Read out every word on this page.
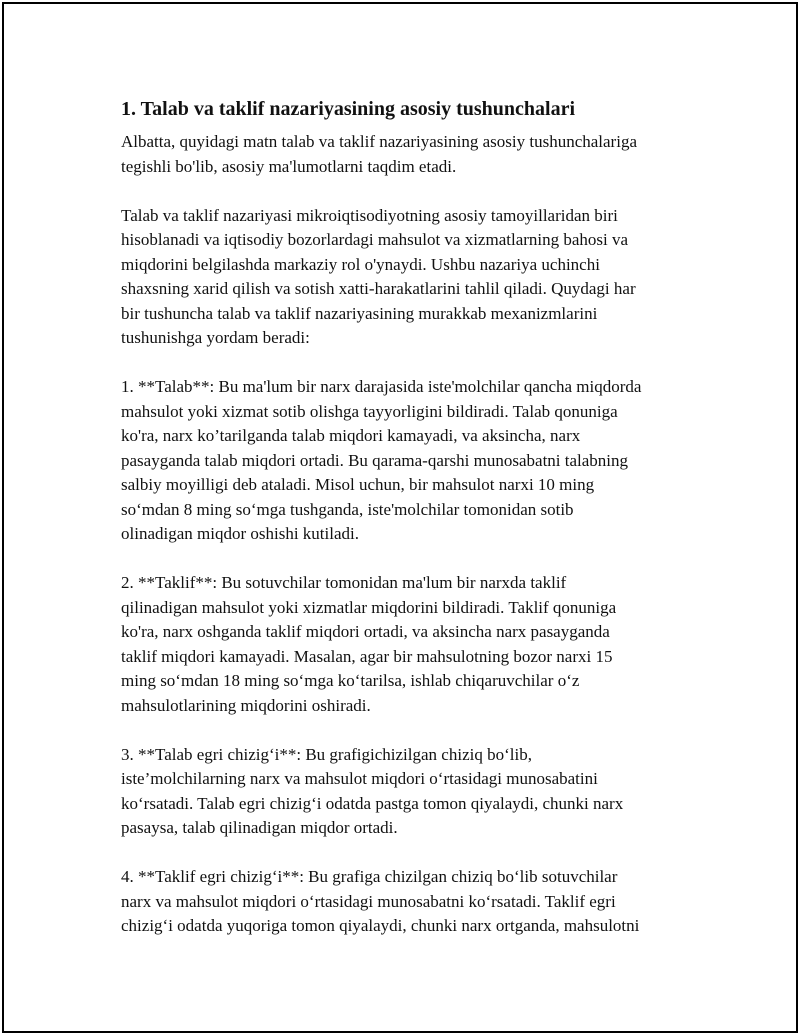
1. Talab va taklif nazariyasining asosiy tushunchalari

Albatta, quyidagi matn talab va taklif nazariyasining asosiy tushunchalariga
tegishli bo'lib, asosiy ma'lumotlarni taqdim etadi.

Talab va taklif nazariyasi mikroiqtisodiyotning asosiy tamoyillaridan biri
hisoblanadi va iqtisodiy bozorlardagi mahsulot va xizmatlarning bahosi va
miqdorini belgilashda markaziy rol o'ynaydi. Ushbu nazariya uchinchi
shaxsning xarid qilish va sotish xatti-harakatlarini tahlil qiladi. Quydagi har
bir tushuncha talab va taklif nazariyasining murakkab mexanizmlarini
tushunishga yordam beradi:

1. **Talab**: Bu ma'lum bir narx darajasida iste'molchilar qancha miqdorda
mahsulot yoki xizmat sotib olishga tayyorligini bildiradi. Talab qonuniga
ko'ra, narx ko’tarilganda talab miqdori kamayadi, va aksincha, narx
pasayganda talab miqdori ortadi. Bu qarama-qarshi munosabatni talabning
salbiy moyilligi deb ataladi. Misol uchun, bir mahsulot narxi 10 ming
so‘mdan 8 ming so‘mga tushganda, iste'molchilar tomonidan sotib
olinadigan miqdor oshishi kutiladi.

2. **Taklif**: Bu sotuvchilar tomonidan ma'lum bir narxda taklif
qilinadigan mahsulot yoki xizmatlar miqdorini bildiradi. Taklif qonuniga
ko'ra, narx oshganda taklif miqdori ortadi, va aksincha narx pasayganda
taklif miqdori kamayadi. Masalan, agar bir mahsulotning bozor narxi 15
ming so‘mdan 18 ming so‘mga ko‘tarilsa, ishlab chiqaruvchilar o‘z
mahsulotlarining miqdorini oshiradi.

3. **Talab egri chizig‘i**: Bu grafigichizilgan chiziq bo‘lib,
iste’molchilarning narx va mahsulot miqdori o‘rtasidagi munosabatini
ko‘rsatadi. Talab egri chizig‘i odatda pastga tomon qiyalaydi, chunki narx
pasaysa, talab qilinadigan miqdor ortadi.

4. **Taklif egri chizig‘i**: Bu grafiga chizilgan chiziq bo‘lib sotuvchilar
narx va mahsulot miqdori o‘rtasidagi munosabatni ko‘rsatadi. Taklif egri
chizig‘i odatda yuqoriga tomon qiyalaydi, chunki narx ortganda, mahsulotni
